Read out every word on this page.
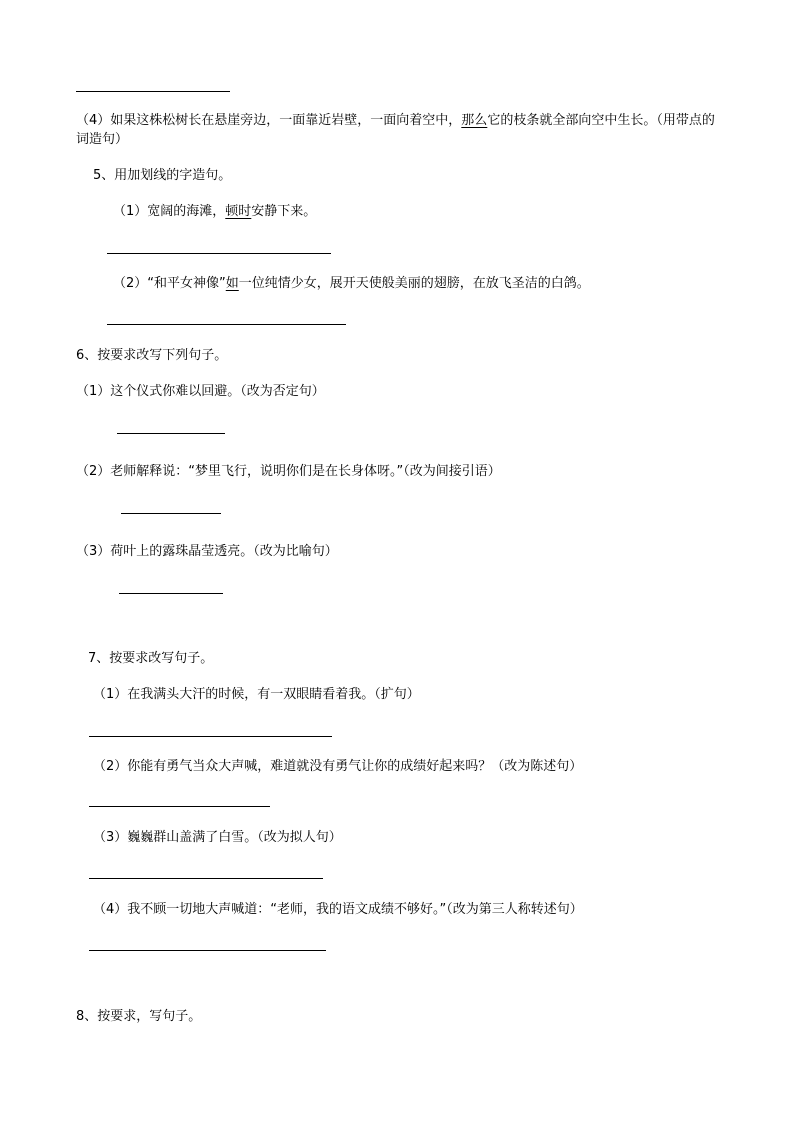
（4）如果这株松树长在悬崖旁边，一面靠近岩壁，一面向着空中，那么它的枝条就全部向空中生长。（用带点的词造句）
5、用加划线的字造句。
（1）宽阔的海滩，顿时安静下来。
（2）“和平女神像”如一位纯情少女，展开天使般美丽的翅膀，在放飞圣洁的白鸽。
6、按要求改写下列句子。
（1）这个仪式你难以回避。（改为否定句）
（2）老师解释说：“梦里飞行，说明你们是在长身体呀。”（改为间接引语）
（3）荷叶上的露珠晶莹透亮。（改为比喻句）
7、按要求改写句子。
（1）在我满头大汗的时候，有一双眼睛看着我。（扩句）
（2）你能有勇气当众大声喊，难道就没有勇气让你的成绩好起来吗？（改为陈述句）
（3）巍巍群山盖满了白雪。（改为拟人句）
（4）我不顾一切地大声喊道：“老师，我的语文成绩不够好。”（改为第三人称转述句）
8、按要求，写句子。
